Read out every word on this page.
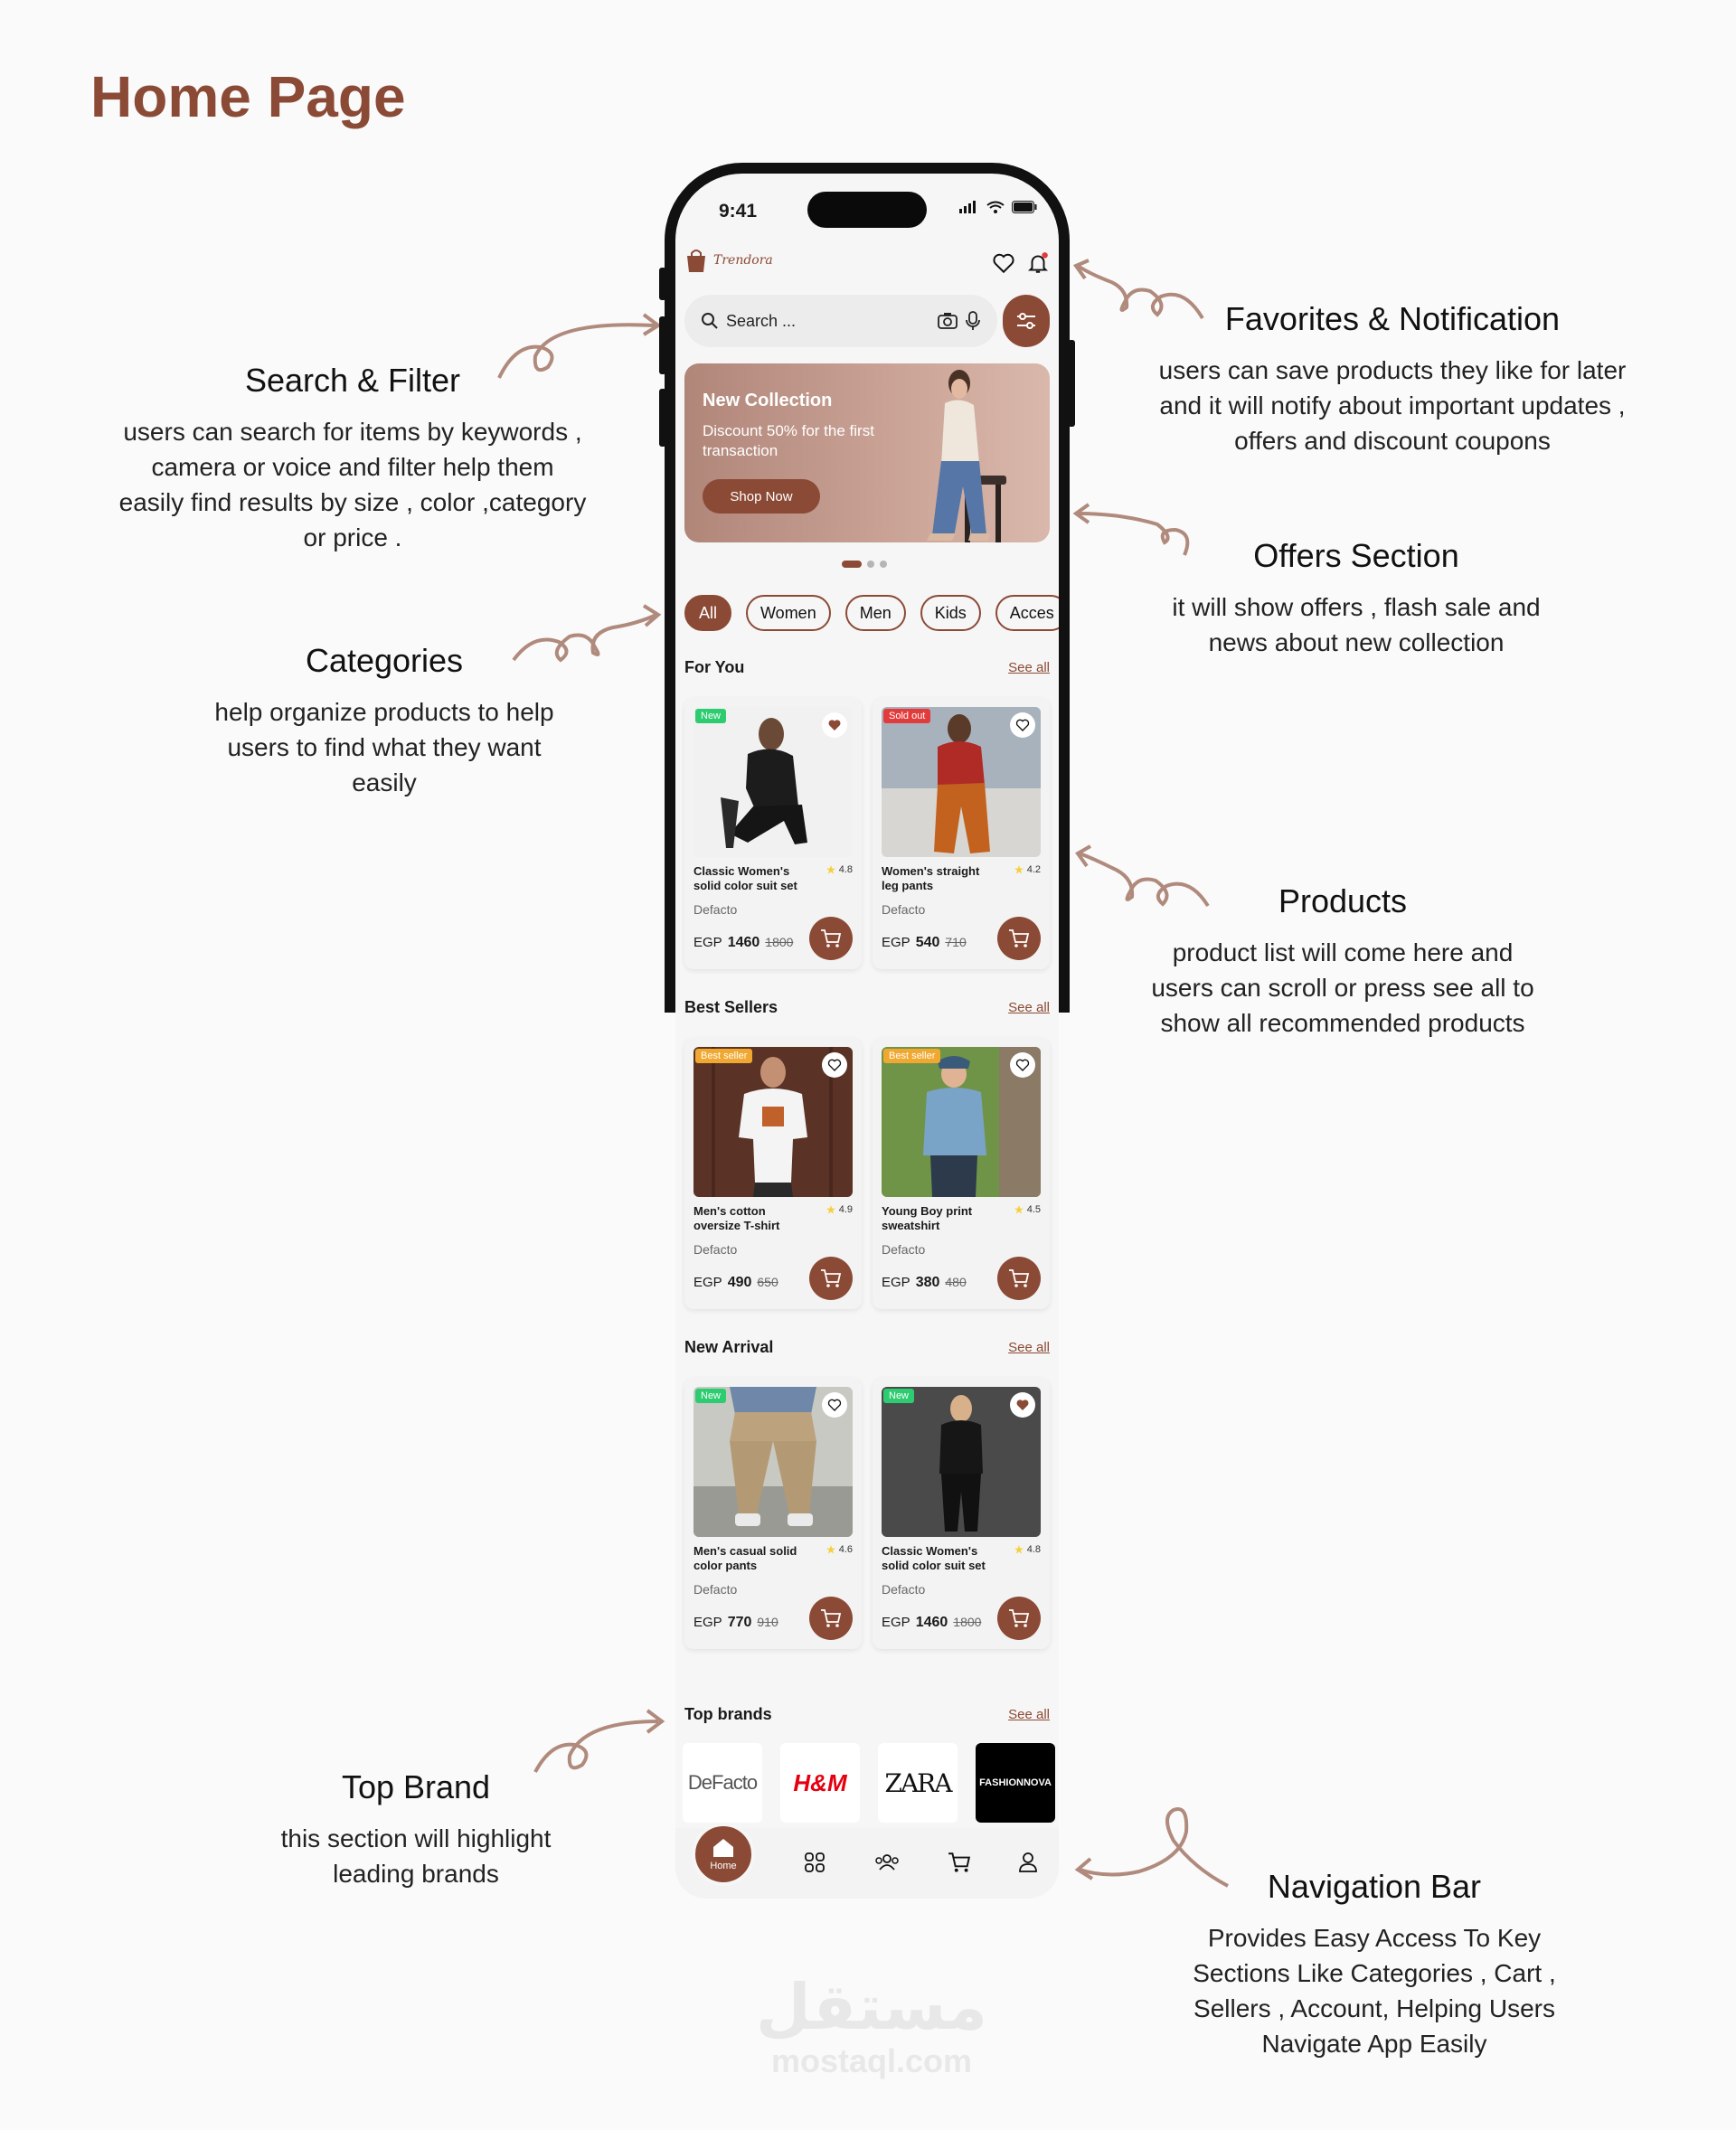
Home Page
9:41
Trendora
Search ...
New Collection
Discount 50% for the first transaction
Shop Now
All	Women	Men	Kids	Acces
For You	See all
New
Classic Women's solid color suit set
4.8
Defacto
EGP 1460 1800
Sold out
Women's straight leg pants
4.2
Defacto
EGP 540 710
Best Sellers	See all
Best seller
Men's cotton oversize T-shirt
4.9
Defacto
EGP 490 650
Best seller
Young Boy print sweatshirt
4.5
Defacto
EGP 380 480
New Arrival	See all
New
Men's casual solid color pants
4.6
Defacto
EGP 770 910
New
Classic Women's solid color suit set
4.8
Defacto
EGP 1460 1800
Top brands	See all
DeFacto H&M ZARA	FASHIONNOVA
Home
Search & Filter
users can search for items by keywords , camera or voice and filter help them easily find results by size , color ,category or price .
Categories
help organize products to help users to find what they want easily
Favorites & Notification
users can save products they like for later and it will notify about important updates , offers and discount coupons
Offers Section
it will show offers , flash sale and news about new collection
Products
product list will come here and users can scroll or press see all to show all recommended products
Top Brand
this section will highlight leading brands	Navigation Bar
Provides Easy Access To Key Sections Like Categories , Cart , Sellers , Account, Helping Users Navigate App Easily
مستقل
mostaql.com
